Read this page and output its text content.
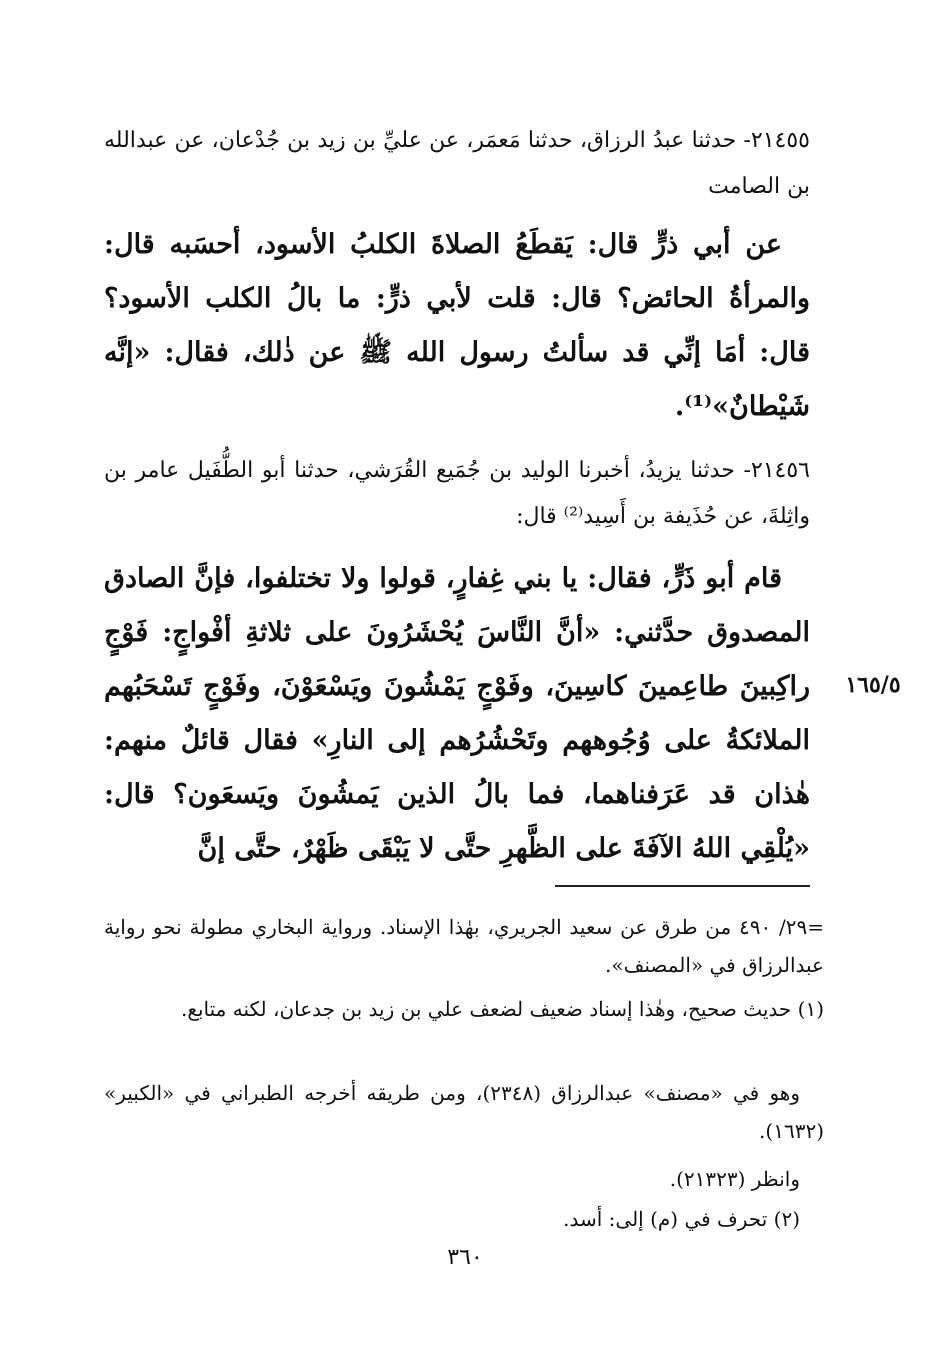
٢١٤٥٥- حدثنا عبدُ الرزاق، حدثنا مَعمَر، عن عليِّ بن زيد بن جُدْعان، عن عبدالله بن الصامت
عن أبي ذرٍّ قال: يَقطَعُ الصلاةَ الكلبُ الأسود، أحسَبه قال: والمرأةُ الحائض؟ قال: قلت لأبي ذرٍّ: ما بالُ الكلب الأسود؟ قال: أمَا إنِّي قد سألتُ رسول الله ﷺ عن ذٰلك، فقال: «إنَّه شَيْطانٌ»⁽¹⁾.
٢١٤٥٦- حدثنا يزيدُ، أخبرنا الوليد بن جُمَيع القُرَشي، حدثنا أبو الطُّفَيل عامر بن واثِلةَ، عن حُذَيفة بن أَسِيد⁽²⁾ قال:
قام أبو ذَرٍّ، فقال: يا بني غِفارٍ، قولوا ولا تختلفوا، فإنَّ الصادق المصدوق حدَّثني: «أنَّ النَّاسَ يُحْشَرُونَ على ثلاثةِ أفْواجٍ: فَوْجٍ راكِبينَ طاعِمينَ كاسِينَ، وفَوْجٍ يَمْشُونَ ويَسْعَوْنَ، وفَوْجٍ تَسْحَبُهم الملائكةُ على وُجُوههم وتَحْشُرُهم إلى النارِ» فقال قائلٌ منهم: هٰذان قد عَرَفناهما، فما بالُ الذين يَمشُونَ ويَسعَون؟ قال: «يُلْقِي اللهُ الآفَةَ على الظَّهرِ حتَّى لا يَبْقَى ظَهْرٌ، حتَّى إنَّ
١٦٥/٥
=٢٩/ ٤٩٠ من طرق عن سعيد الجريري، بهٰذا الإسناد. ورواية البخاري مطولة نحو رواية عبدالرزاق في «المصنف».
(١) حديث صحيح، وهٰذا إسناد ضعيف لضعف علي بن زيد بن جدعان، لكنه متابع.
وهو في «مصنف» عبدالرزاق (٢٣٤٨)، ومن طريقه أخرجه الطبراني في «الكبير» (١٦٣٢).
وانظر (٢١٣٢٣).
(٢) تحرف في (م) إلى: أسد.
٣٦٠
